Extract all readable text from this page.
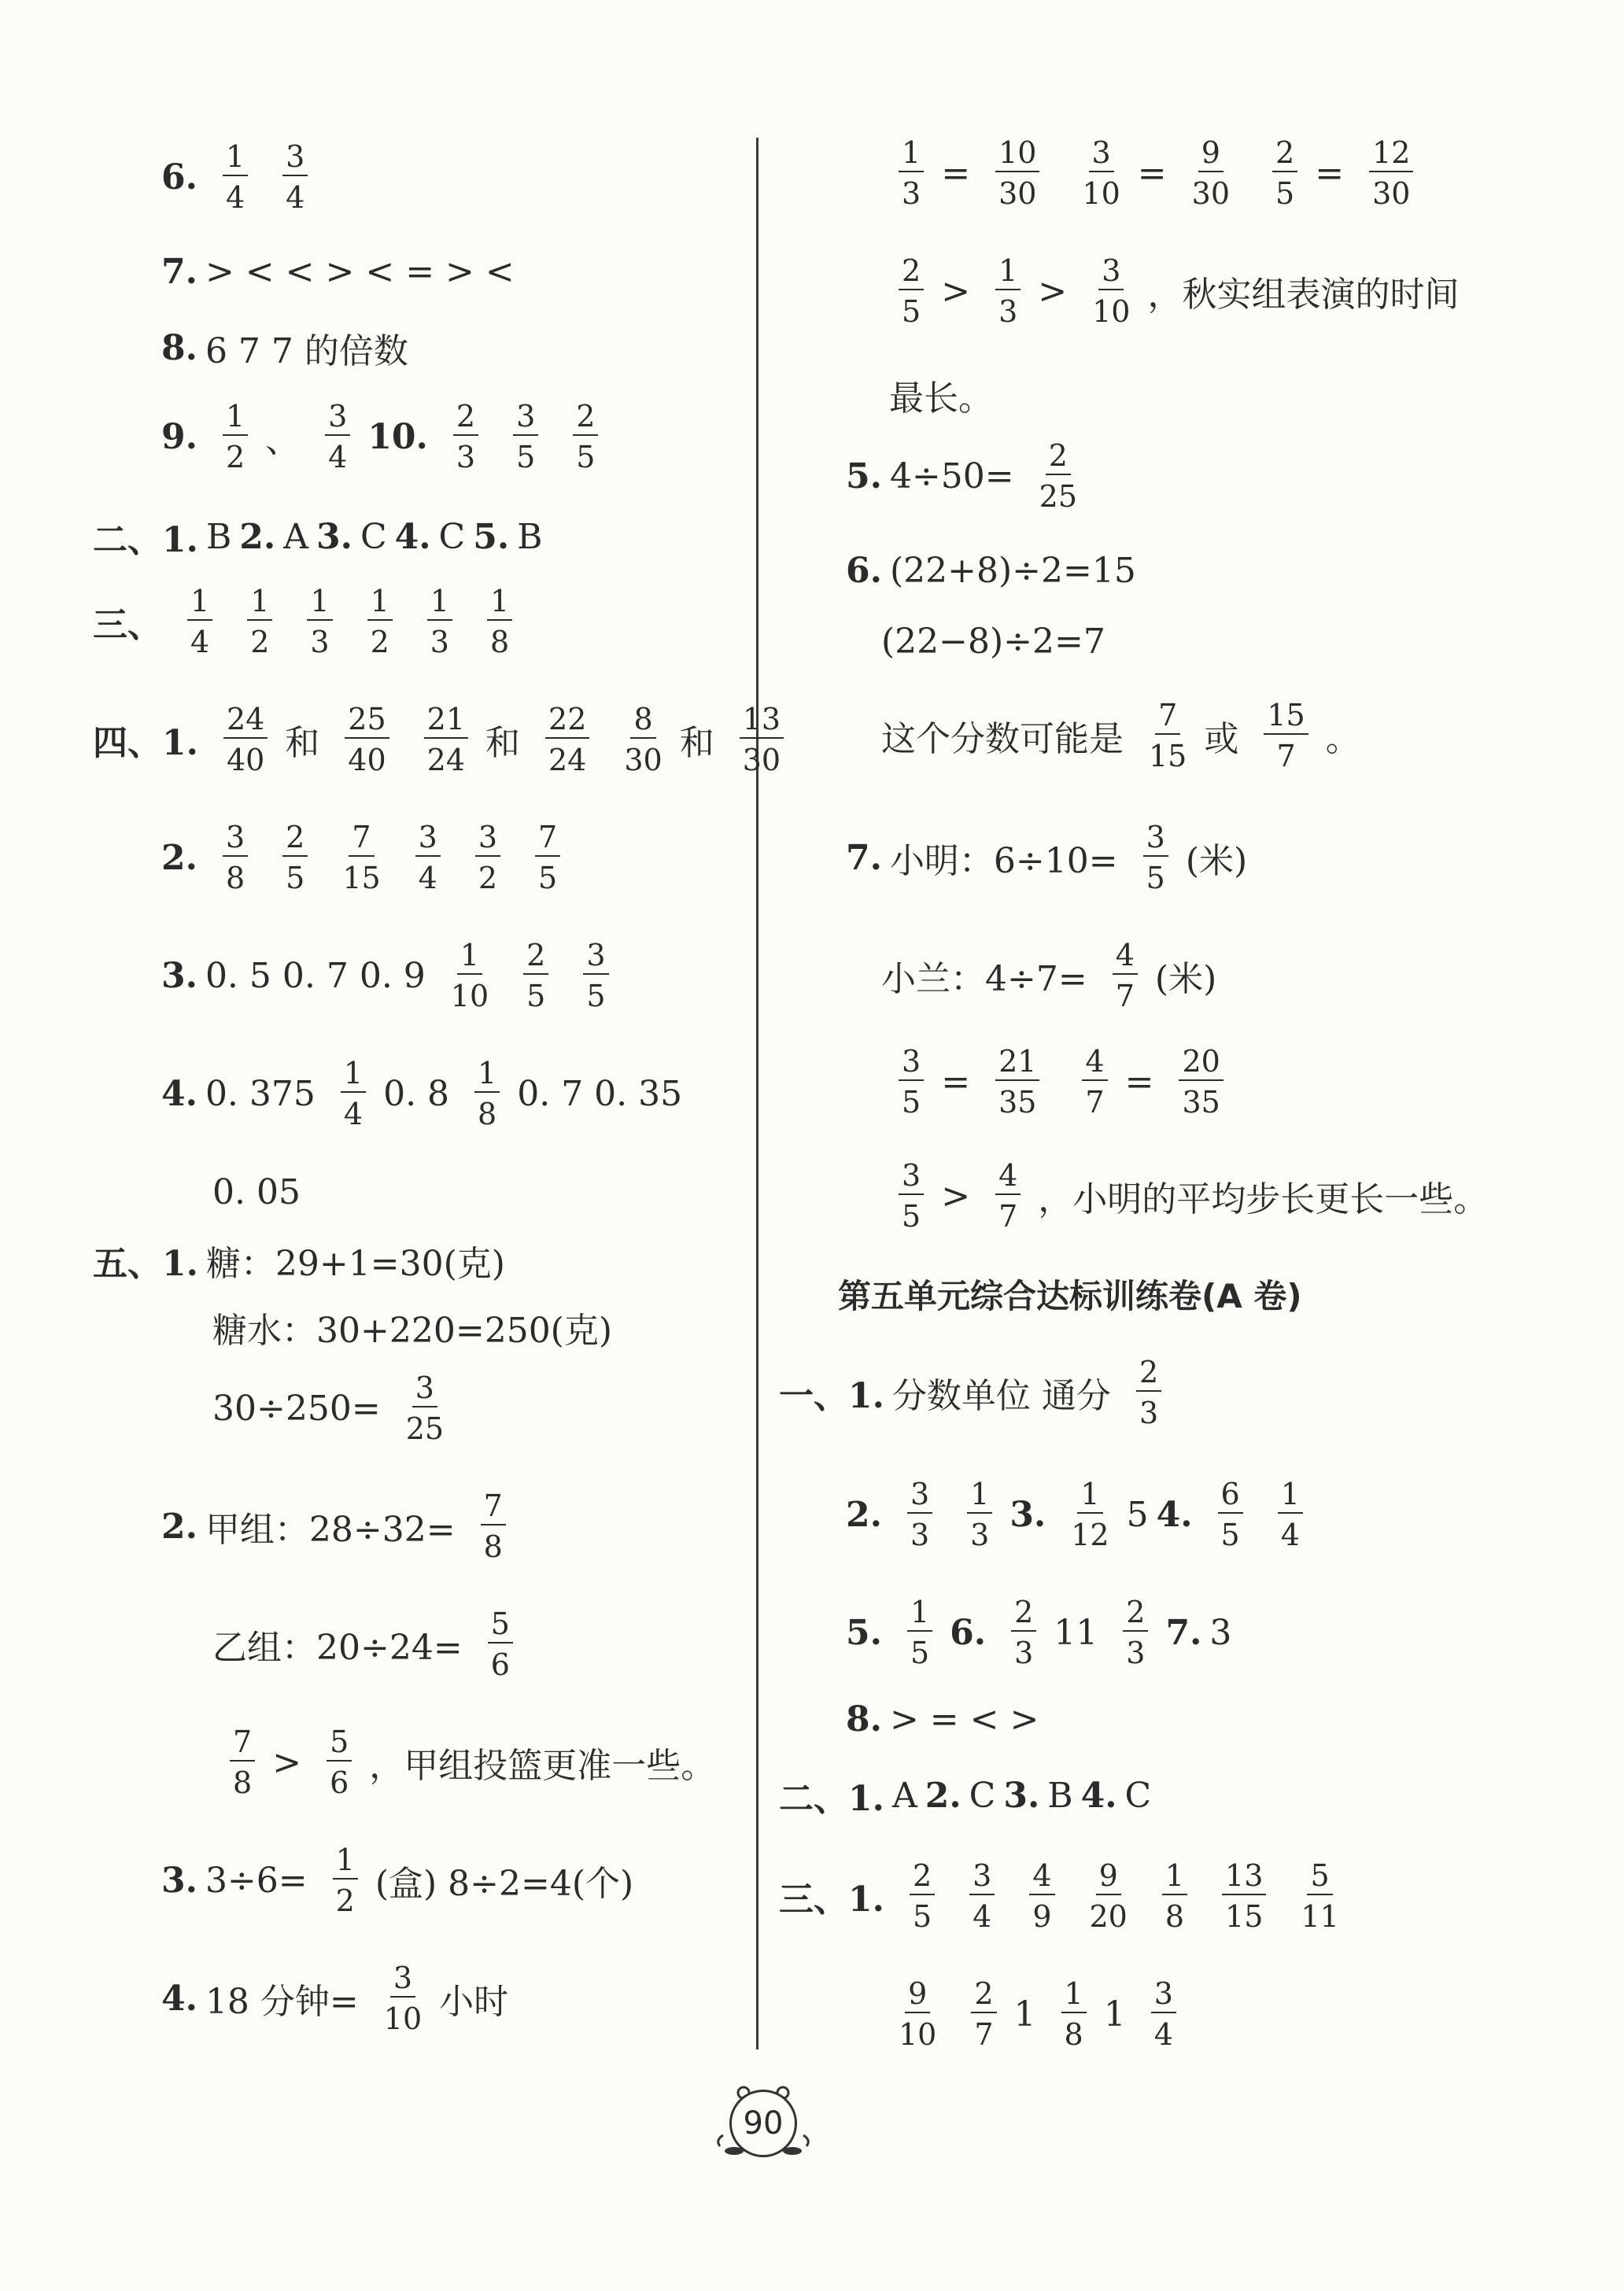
90
6. $\frac{1}{4} \frac{3}{4}$
7. > < < > < = > <
8. 6 7 7 的倍数
9. $\frac{1}{2}$ 、 $\frac{3}{4} 10$. $\frac{2}{3} \frac{3}{5} \frac{2}{5}$
二、1. B 2. A 3. C 4. C 5. B
三、 $\frac{1}{4} \frac{1}{2} \frac{1}{3} \frac{1}{2} \frac{1}{3} \frac{1}{8}$
四、1. $\frac{24}{40}$ 和 $\frac{25}{40} \frac{21}{24}$ 和 $\frac{22}{24} \frac{8}{30}$ 和 $\frac{13}{30}$
2. $\frac{3}{8} \frac{2}{5} \frac{7}{15} \frac{3}{4} \frac{3}{2} \frac{7}{5}$
3. 0. 5 0. 7 0. $9 \frac{1}{10} \frac{2}{5} \frac{3}{5}$
4. 0. $375 \frac{1}{4} 0$. $8 \frac{1}{8} 0$. 7 0. 35
0. 05
五、1. 糖：29+1=30(克)
糖水：30+220=250(克)
$30\div 250= \frac{3}{25}$
2. 甲组：$28\div 32= \frac{7}{8}$
乙组：$20\div 24= \frac{5}{6}$
$\frac{7}{8} > \frac{5}{6}$ ，甲组投篮更准一些。
3. $3\div 6= \frac{1}{2}$ (盒) 8÷2=4(个)
4. 18 分钟= $\frac{3}{10}$ 小时
$\frac{1}{3} = \frac{10}{30} \frac{3}{10} = \frac{9}{30} \frac{2}{5} = \frac{12}{30}$
$\frac{2}{5} > \frac{1}{3} > \frac{3}{10}$ ，秋实组表演的时间
最长。
5. $4\div 50= \frac{2}{25}$
6. (22+8)÷2=15
(22−8)÷2=7
这个分数可能是 $\frac{7}{15}$ 或 $\frac{15}{7}$ 。
7. 小明：$6\div 10= \frac{3}{5}$ (米)
小兰：$4\div 7= \frac{4}{7}$ (米)
$\frac{3}{5} = \frac{21}{35} \frac{4}{7} = \frac{20}{35}$
$\frac{3}{5} > \frac{4}{7}$ ，小明的平均步长更长一些。
第五单元综合达标训练卷(A 卷)
一、1. 分数单位 通分 $\frac{2}{3}$
2. $\frac{3}{3} \frac{1}{3} 3$. $\frac{1}{12} 5$ 4. $\frac{6}{5} \frac{1}{4}$
5. $\frac{1}{5} 6$. $\frac{2}{3} 11 \frac{2}{3} 7$. 3
8. > = < >
二、1. A 2. C 3. B 4. C
三、1. $\frac{2}{5} \frac{3}{4} \frac{4}{9} \frac{9}{20} \frac{1}{8} \frac{13}{15} \frac{5}{11}$
$\frac{9}{10} \frac{2}{7} 1 \frac{1}{8} 1 \frac{3}{4}$
